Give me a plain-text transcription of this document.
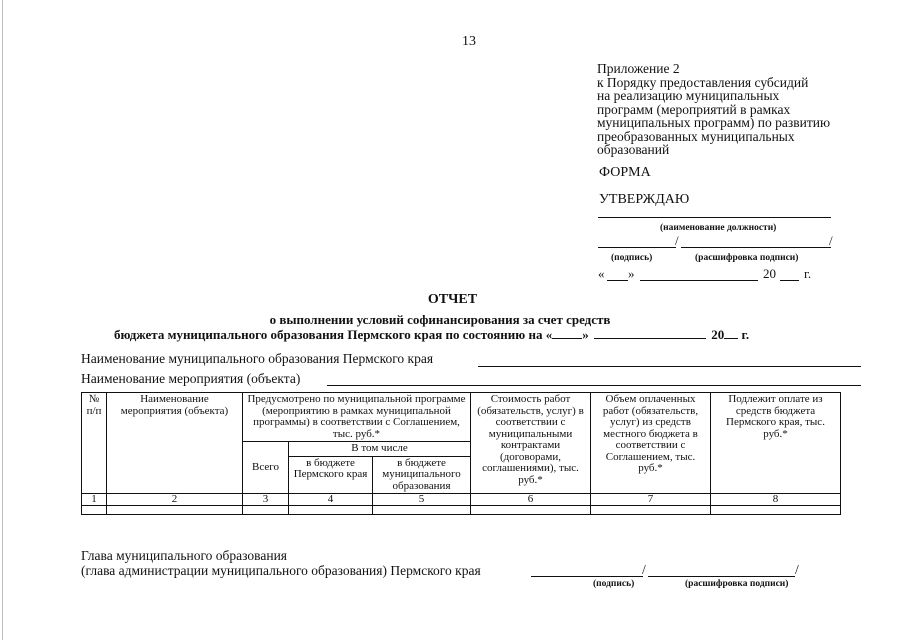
13
Приложение 2
к Порядку предоставления субсидий
на реализацию муниципальных
программ (мероприятий в рамках
муниципальных программ) по развитию
преобразованных муниципальных
образований
ФОРМА
УТВЕРЖДАЮ
(наименование должности)
/	/
(подпись)	(расшифровка подписи)
« »	20 г.
ОТЧЕТ
о выполнении условий софинансирования за счет средств
бюджета муниципального образования Пермского края по состоянию на « »	20 г.
Наименование муниципального образования Пермского края
Наименование мероприятия (объекта)
№ п/п	Наименование мероприятия (объекта)	Предусмотрено по муниципальной программе (мероприятию в рамках муниципальной программы) в соответствии с Соглашением, тыс. руб.*			Стоимость работ (обязательств, услуг) в соответствии с муниципальными контрактами (договорами, соглашениями), тыс. руб.*	Объем оплаченных работ (обязательств, услуг) из средств местного бюджета в соответствии с Соглашением, тыс. руб.*	Подлежит оплате из средств бюджета Пермского края, тыс. руб.*
		Всего	В том числе				
			в бюджете Пермского края	в бюджете муниципального образования			
1	2	3	4	5	6	7	8

Глава муниципального образования
(глава администрации муниципального образования) Пермского края	/	/
(подпись)	(расшифровка подписи)
